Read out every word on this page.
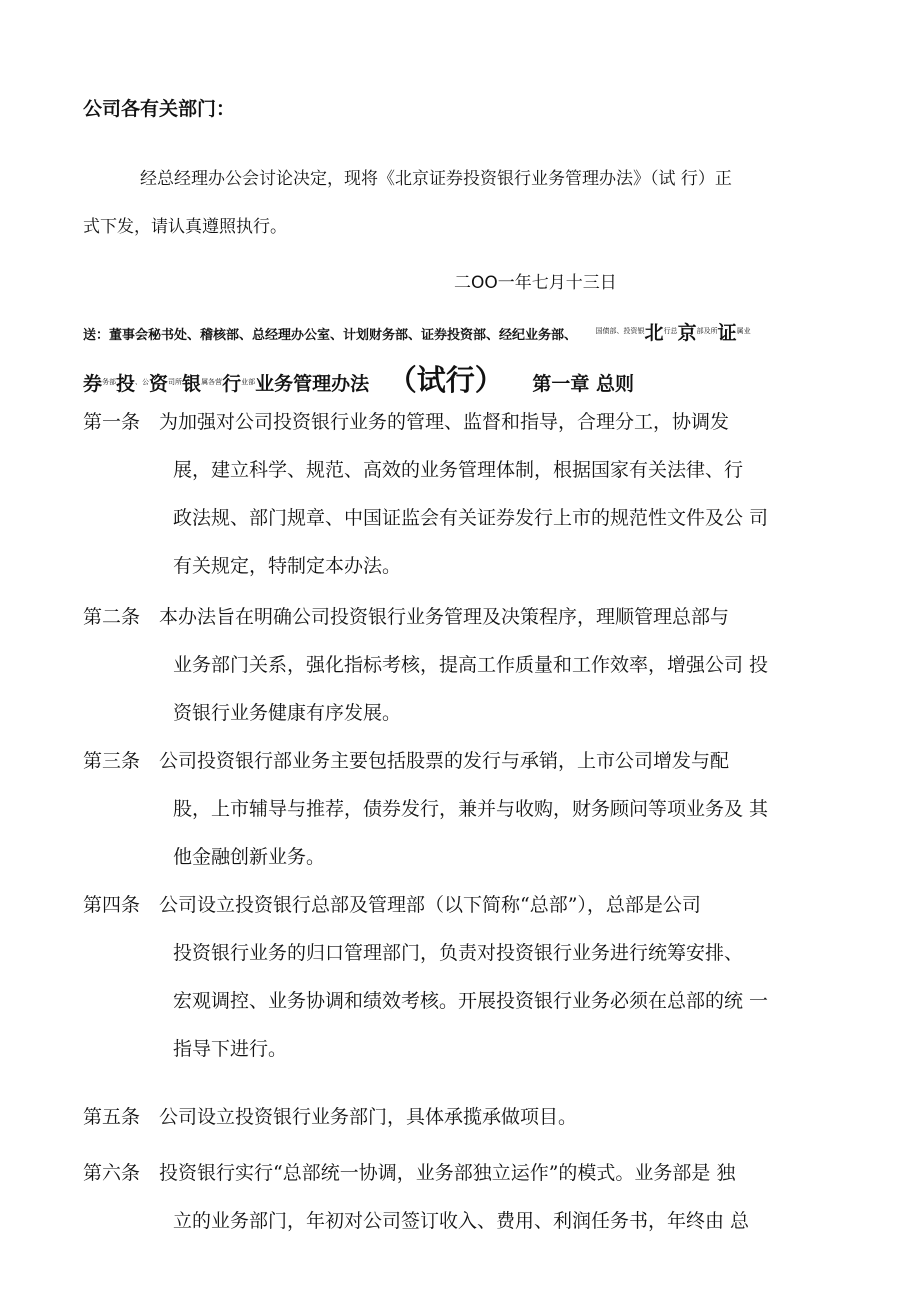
公司各有关部门：
经总经理办公会讨论决定，现将《北京证券投资银行业务管理办法》（试 行）正
式下发，请认真遵照执行。
二OO一年七月十三日
送：董事会秘书处、稽核部、总经理办公室、计划财务部、证券投资部、经纪业务部、	$^{国债部、投资银}$北$^{行总}$京$^{部及所}$证$^{属业}$
券$^{务部}$投$^{、公}$资$^{司所}$银$^{属各营}$行$^{业部}$业务管理办法 （试行） 第一章 总则
第一条 为加强对公司投资银行业务的管理、监督和指导，合理分工，协调发
展，建立科学、规范、高效的业务管理体制，根据国家有关法律、行
政法规、部门规章、中国证监会有关证券发行上市的规范性文件及公 司
有关规定，特制定本办法。
第二条 本办法旨在明确公司投资银行业务管理及决策程序，理顺管理总部与
业务部门关系，强化指标考核，提高工作质量和工作效率，增强公司 投
资银行业务健康有序发展。
第三条 公司投资银行部业务主要包括股票的发行与承销，上市公司增发与配
股，上市辅导与推荐，债券发行，兼并与收购，财务顾问等项业务及 其
他金融创新业务。
第四条 公司设立投资银行总部及管理部（以下简称“总部”），总部是公司
投资银行业务的归口管理部门，负责对投资银行业务进行统筹安排、
宏观调控、业务协调和绩效考核。开展投资银行业务必须在总部的统 一
指导下进行。
第五条 公司设立投资银行业务部门，具体承揽承做项目。
第六条 投资银行实行“总部统一协调，业务部独立运作”的模式。业务部是 独
立的业务部门，年初对公司签订收入、费用、利润任务书，年终由 总
